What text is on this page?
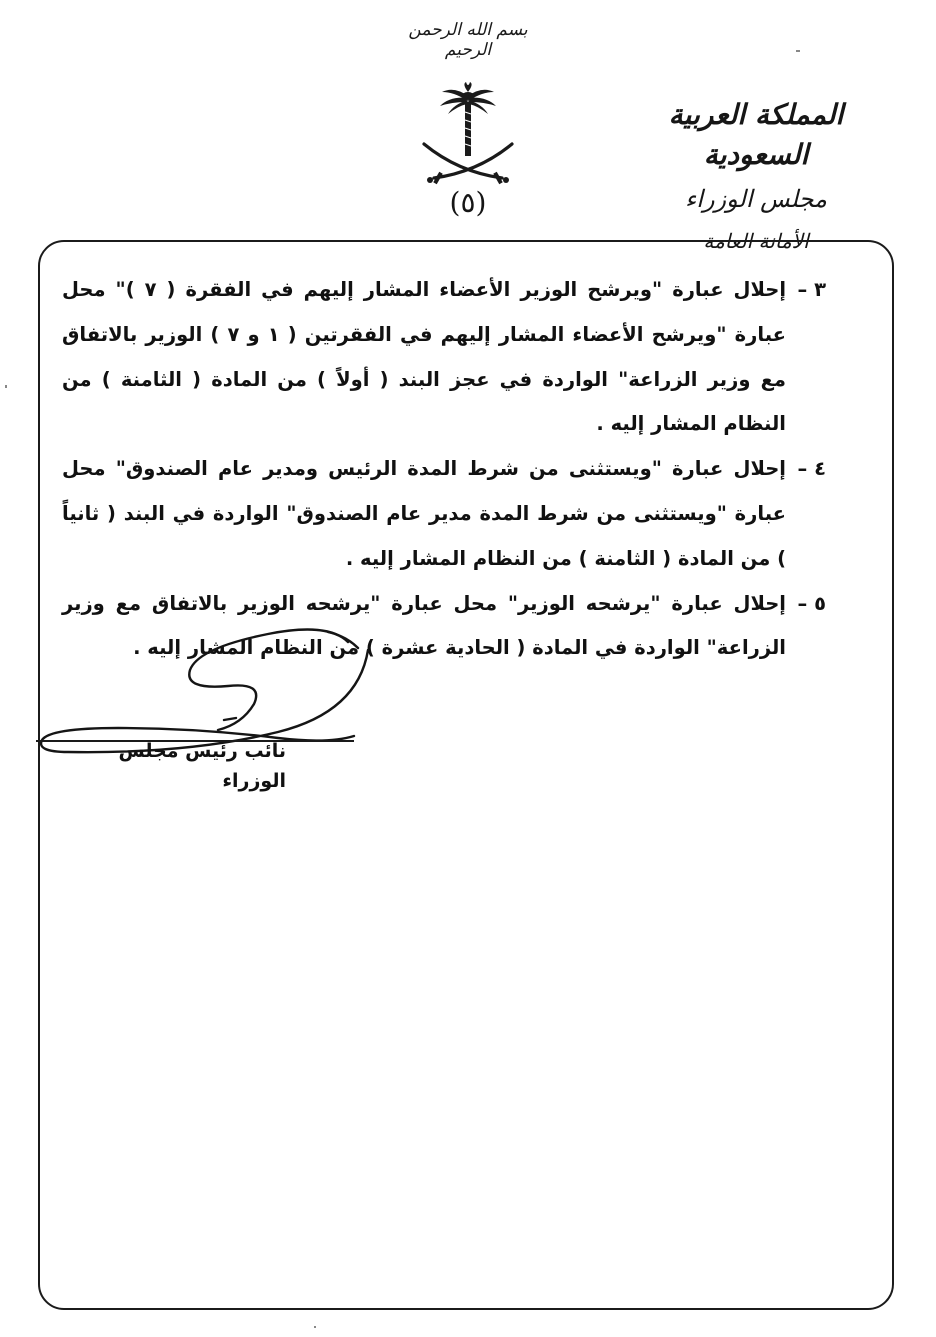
بسم الله الرحمن الرحيم
المملكة العربية السعودية
مجلس الوزراء
الأمانة العامة
(٥)

٣ –
إحلال عبارة "ويرشح الوزير الأعضاء المشار إليهم في الفقرة ( ٧ )" محل عبارة "ويرشح الأعضاء المشار إليهم في الفقرتين ( ١ و ٧ ) الوزير بالاتفاق مع وزير الزراعة" الواردة في عجز البند ( أولاً ) من المادة ( الثامنة ) من النظام المشار إليه .

٤ –
إحلال عبارة "ويستثنى من شرط المدة الرئيس ومدير عام الصندوق" محل عبارة "ويستثنى من شرط المدة مدير عام الصندوق" الواردة في البند ( ثانياً ) من المادة ( الثامنة ) من النظام المشار إليه .

٥ –
إحلال عبارة "يرشحه الوزير" محل عبارة "يرشحه الوزير بالاتفاق مع وزير الزراعة" الواردة في المادة ( الحادية عشرة ) من النظام المشار إليه .

نائب رئيس مجلس الوزراء
